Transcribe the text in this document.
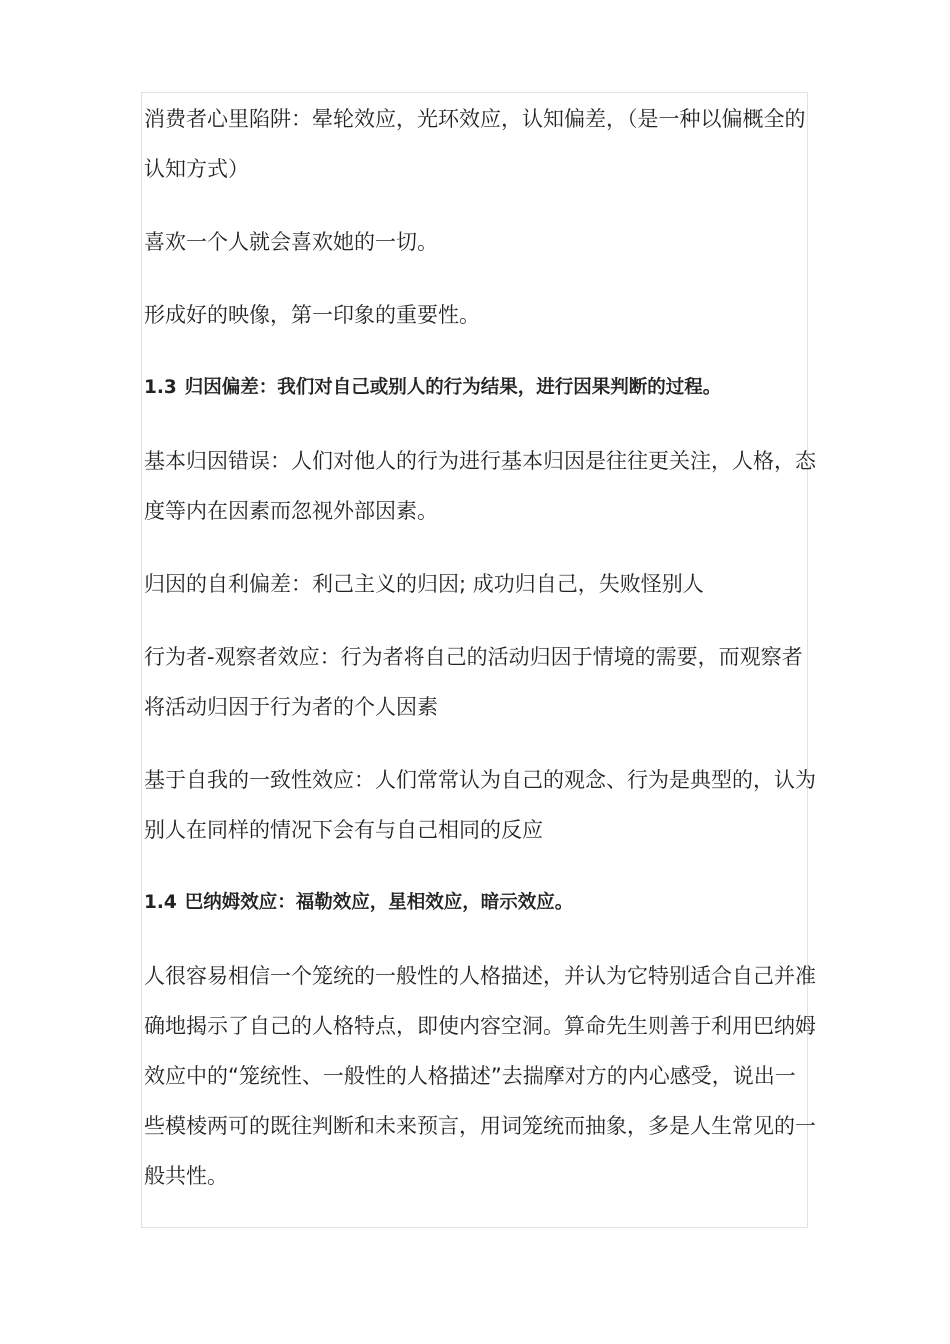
消费者心里陷阱：晕轮效应，光环效应，认知偏差，（是一种以偏概全的认知方式）

喜欢一个人就会喜欢她的一切。

形成好的映像，第一印象的重要性。

1.3 归因偏差：我们对自己或别人的行为结果，进行因果判断的过程。

基本归因错误：人们对他人的行为进行基本归因是往往更关注，人格，态度等内在因素而忽视外部因素。

归因的自利偏差：利己主义的归因; 成功归自己，失败怪别人

行为者-观察者效应：行为者将自己的活动归因于情境的需要，而观察者将活动归因于行为者的个人因素

基于自我的一致性效应：人们常常认为自己的观念、行为是典型的，认为别人在同样的情况下会有与自己相同的反应

1.4 巴纳姆效应：福勒效应，星相效应，暗示效应。

人很容易相信一个笼统的一般性的人格描述，并认为它特别适合自己并准确地揭示了自己的人格特点，即使内容空洞。算命先生则善于利用巴纳姆效应中的“笼统性、一般性的人格描述”去揣摩对方的内心感受，说出一些模棱两可的既往判断和未来预言，用词笼统而抽象，多是人生常见的一般共性。
